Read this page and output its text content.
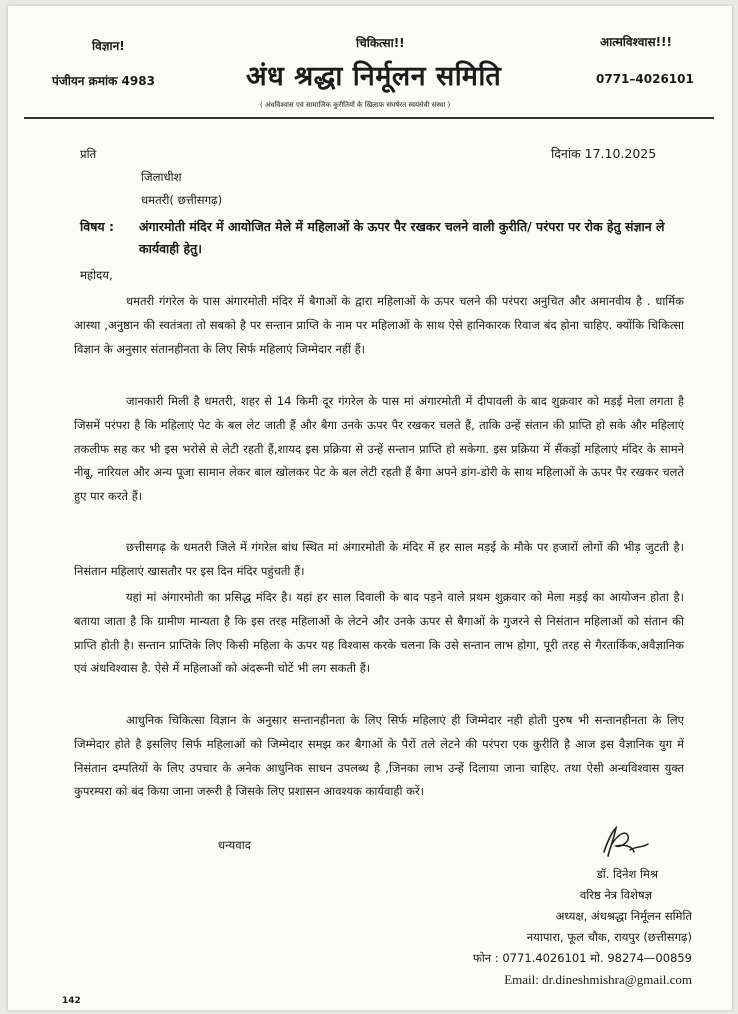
विज्ञान!	चिकित्सा!!	आत्मविश्वास!!!
पंजीयन क्रमांक 4983	अंध श्रद्धा निर्मूलन समिति	0771–4026101
( अंधविश्वास एवं सामाजिक कुरीतियों के खिलाफ संघर्षरत स्वयंसेवी संस्था )
प्रति	दिनांक 17.10.2025
जिलाधीश
धमतरी( छत्तीसगढ़)
विषय : अंगारमोती मंदिर में आयोजित मेले में महिलाओं के ऊपर पैर रखकर चलने वाली कुरीति/ परंपरा पर रोक हेतु संज्ञान ले कार्यवाही हेतु।
महोदय,
धमतरी गंगरेल के पास अंगारमोती मंदिर में बैगाओं के द्वारा महिलाओं के ऊपर चलने की परंपरा अनुचित और अमानवीय है . धार्मिक आस्था ,अनुष्ठान की स्वतंत्रता तो सबको है पर सन्तान प्राप्ति के नाम पर महिलाओं के साथ ऐसे हानिकारक रिवाज बंद होना चाहिए. क्योंकि चिकित्सा विज्ञान के अनुसार संतानहीनता के लिए सिर्फ महिलाएं जिम्मेदार नहीं हैं।
जानकारी मिली है धमतरी, शहर से 14 किमी दूर गंगरेल के पास मां अंगारमोती में दीपावली के बाद शुक्रवार को मड़ई मेला लगता है जिसमें परंपरा है कि महिलाएं पेट के बल लेट जाती हैं और बैगा उनके ऊपर पैर रखकर चलते हैं, ताकि उन्हें संतान की प्राप्ति हो सके और महिलाएं तकलीफ सह कर भी इस भरोसे से लेटी रहती हैं,शायद इस प्रक्रिया से उन्हें सन्तान प्राप्ति हो सकेगा. इस प्रक्रिया में सैंकड़ों महिलाएं मंदिर के सामने नीबू, नारियल और अन्य पूजा सामान लेकर बाल खोलकर पेट के बल लेटी रहती हैं बैगा अपने डांग-डोरी के साथ महिलाओं के ऊपर पैर रखकर चलते हुए पार करते हैं।
छत्तीसगढ़ के धमतरी जिले में गंगरेल बांध स्थित मां अंगारमोती के मंदिर में हर साल मड़ई के मौके पर हजारों लोगों की भीड़ जुटती है। निसंतान महिलाएं खासतौर पर इस दिन मंदिर पहुंचती हैं।
यहां मां अंगारमोती का प्रसिद्ध मंदिर है। यहां हर साल दिवाली के बाद पड़ने वाले प्रथम शुक्रवार को मेला मड़ई का आयोजन होता है। बताया जाता है कि ग्रामीण मान्यता है कि इस तरह महिलाओं के लेटने और उनके ऊपर से बैगाओं के गुजरने से निसंतान महिलाओं को संतान की प्राप्ति होती है। सन्तान प्राप्तिके लिए किसी महिला के ऊपर यह विश्वास करके चलना कि उसे सन्तान लाभ होगा, पूरी तरह से गैरतार्किक,अवैज्ञानिक एवं अंधविश्वास है. ऐसे में महिलाओं को अंदरूनी चोटें भी लग सकती हैं।
आधुनिक चिकित्सा विज्ञान के अनुसार सन्तानहीनता के लिए सिर्फ महिलाएं ही जिम्मेदार नही होती पुरुष भी सन्तानहीनता के लिए जिम्मेदार होते है इसलिए सिर्फ महिलाओं को जिम्मेदार समझ कर बैगाओं के पैरों तले लेटने की परंपरा एक कुरीति है आज इस वैज्ञानिक युग में निसंतान दम्पतियों के लिए उपचार के अनेक आधुनिक साधन उपलब्ध है ,जिनका लाभ उन्हें दिलाया जाना चाहिए. तथा ऐसी अन्धविश्वास युक्त कुपरम्परा को बंद किया जाना जरूरी है जिसके लिए प्रशासन आवश्यक कार्यवाही करें।
धन्यवाद
डॉ. दिनेश मिश्र
वरिष्ठ नेत्र विशेषज्ञ
अध्यक्ष, अंधश्रद्धा निर्मूलन समिति
नयापारा, फूल चौक, रायपुर (छत्तीसगढ़)
फोन : 0771.4026101 मो. 98274—00859
Email: dr.dineshmishra@gmail.com
142
